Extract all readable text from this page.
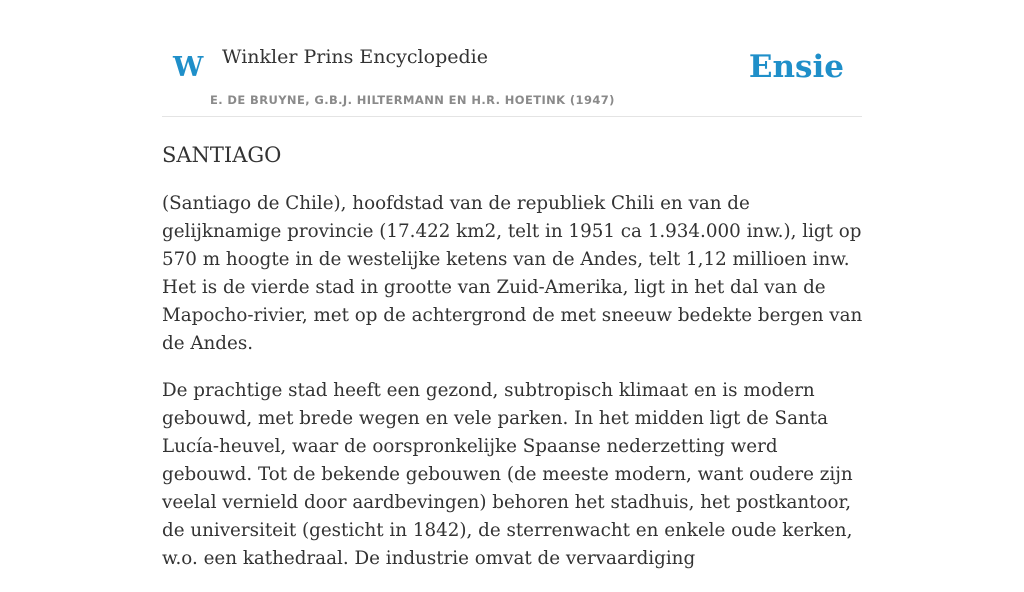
W Winkler Prins Encyclopedie
E. DE BRUYNE, G.B.J. HILTERMANN EN H.R. HOETINK (1947)
Ensie
SANTIAGO

(Santiago de Chile), hoofdstad van de republiek Chili en van de gelijknamige provincie (17.422 km2, telt in 1951 ca 1.934.000 inw.), ligt op 570 m hoogte in de westelijke ketens van de Andes, telt 1,12 millioen inw. Het is de vierde stad in grootte van Zuid-Amerika, ligt in het dal van de Mapocho-rivier, met op de achtergrond de met sneeuw bedekte bergen van de Andes.

De prachtige stad heeft een gezond, subtropisch klimaat en is modern gebouwd, met brede wegen en vele parken. In het midden ligt de Santa Lucía-heuvel, waar de oorspronkelijke Spaanse nederzetting werd gebouwd. Tot de bekende gebouwen (de meeste modern, want oudere zijn veelal vernield door aardbevingen) behoren het stadhuis, het postkantoor, de universiteit (gesticht in 1842), de sterrenwacht en enkele oude kerken, w.o. een kathedraal. De industrie omvat de vervaardiging
